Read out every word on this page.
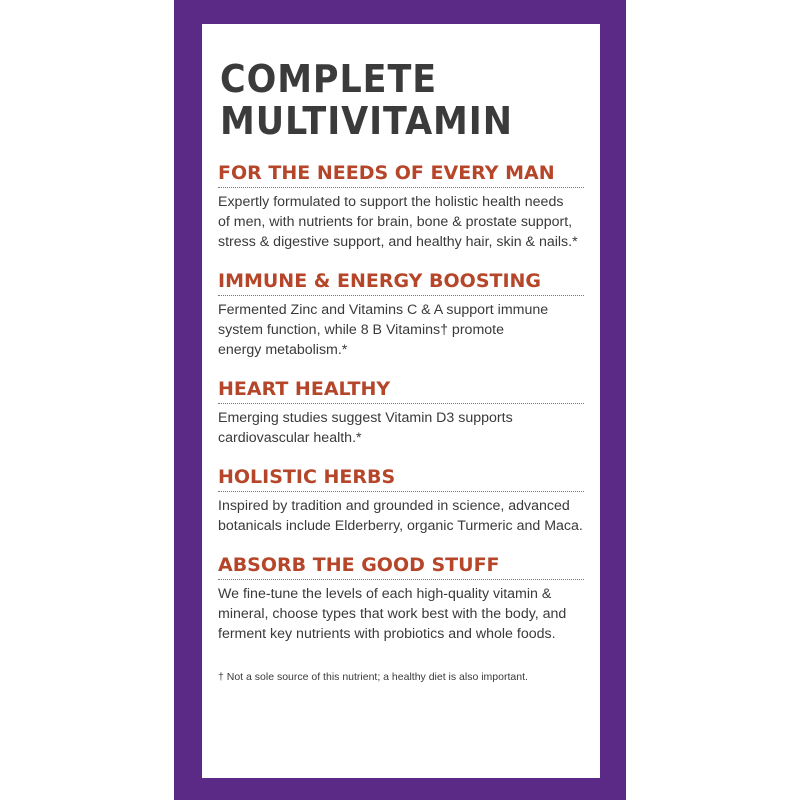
COMPLETE
MULTIVITAMIN
FOR THE NEEDS OF EVERY MAN
Expertly formulated to support the holistic health needs
of men, with nutrients for brain, bone & prostate support,
stress & digestive support, and healthy hair, skin & nails.*
IMMUNE & ENERGY BOOSTING
Fermented Zinc and Vitamins C & A support immune
system function, while 8 B Vitamins† promote
energy metabolism.*
HEART HEALTHY
Emerging studies suggest Vitamin D3 supports
cardiovascular health.*
HOLISTIC HERBS
Inspired by tradition and grounded in science, advanced
botanicals include Elderberry, organic Turmeric and Maca.
ABSORB THE GOOD STUFF
We fine-tune the levels of each high-quality vitamin &
mineral, choose types that work best with the body, and
ferment key nutrients with probiotics and whole foods.
† Not a sole source of this nutrient; a healthy diet is also important.
